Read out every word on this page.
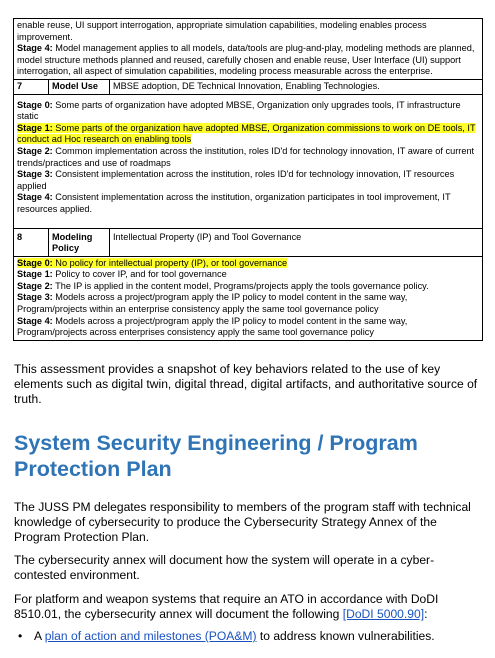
enable reuse, UI support interrogation, appropriate simulation capabilities, modeling enables process improvement.
Stage 4: Model management applies to all models, data/tools are plug-and-play, modeling methods are planned, model structure methods planned and reused, carefully chosen and enable reuse, User Interface (UI) support interrogation, all aspect of simulation capabilities, modeling process measurable across the enterprise.		

7	Model Use	MBSE adoption, DE Technical Innovation, Enabling Technologies.

Stage 0: Some parts of organization have adopted MBSE, Organization only upgrades tools, IT infrastructure static
Stage 1: Some parts of the organization have adopted MBSE, Organization commissions to work on DE tools, IT conduct ad Hoc research on enabling tools
Stage 2: Common implementation across the institution, roles ID'd for technology innovation, IT aware of current trends/practices and use of roadmaps
Stage 3: Consistent implementation across the institution, roles ID'd for technology innovation, IT resources applied
Stage 4: Consistent implementation across the institution, organization participates in tool improvement, IT resources applied.		

8	Modeling Policy	Intellectual Property (IP) and Tool Governance

Stage 0: No policy for intellectual property (IP), or tool governance
Stage 1: Policy to cover IP, and for tool governance
Stage 2: The IP is applied in the content model, Programs/projects apply the tools governance policy.
Stage 3: Models across a project/program apply the IP policy to model content in the same way, Program/projects within an enterprise consistency apply the same tool governance policy
Stage 4: Models across a project/program apply the IP policy to model content in the same way, Program/projects across enterprises consistency apply the same tool governance policy		

This assessment provides a snapshot of key behaviors related to the use of key elements such as digital twin, digital thread, digital artifacts, and authoritative source of truth.

System Security Engineering / Program Protection Plan

The JUSS PM delegates responsibility to members of the program staff with technical knowledge of cybersecurity to produce the Cybersecurity Strategy Annex of the Program Protection Plan.

The cybersecurity annex will document how the system will operate in a cyber-contested environment.

For platform and weapon systems that require an ATO in accordance with DoDI 8510.01, the cybersecurity annex will document the following [DoDI 5000.90]:

• A plan of action and milestones (POA&M) to address known vulnerabilities.
